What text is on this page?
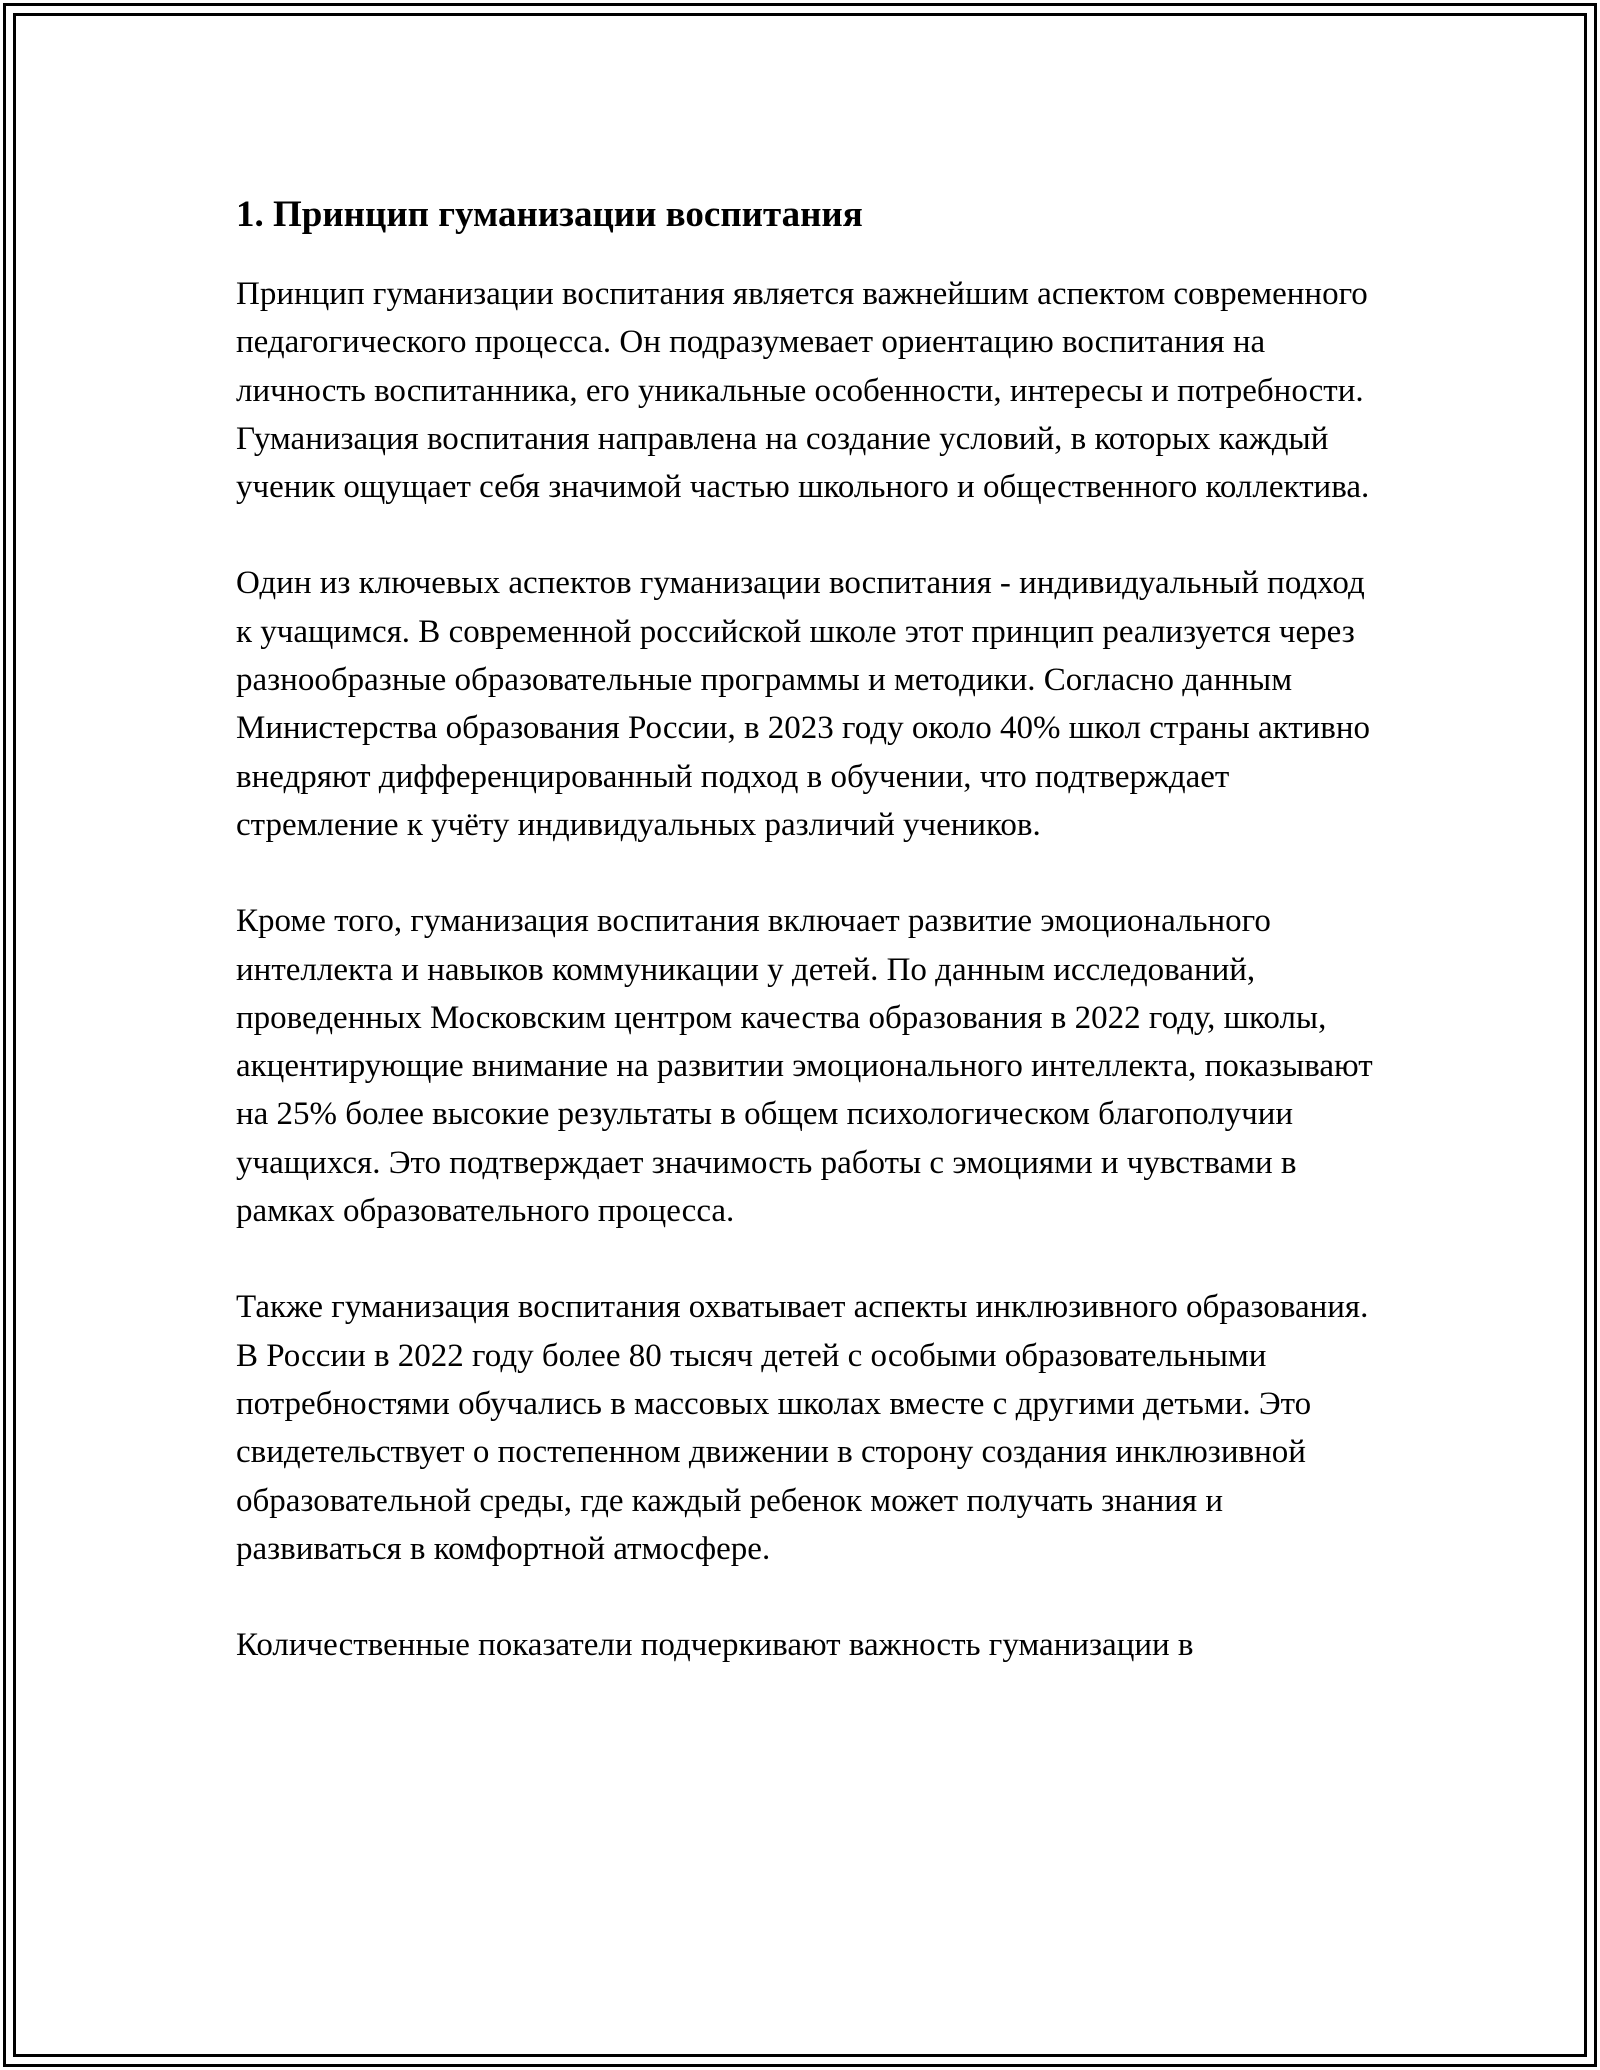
1. Принцип гуманизации воспитания

Принцип гуманизации воспитания является важнейшим аспектом современного педагогического процесса. Он подразумевает ориентацию воспитания на личность воспитанника, его уникальные особенности, интересы и потребности. Гуманизация воспитания направлена на создание условий, в которых каждый ученик ощущает себя значимой частью школьного и общественного коллектива.

Один из ключевых аспектов гуманизации воспитания - индивидуальный подход к учащимся. В современной российской школе этот принцип реализуется через разнообразные образовательные программы и методики. Согласно данным Министерства образования России, в 2023 году около 40% школ страны активно внедряют дифференцированный подход в обучении, что подтверждает стремление к учёту индивидуальных различий учеников.

Кроме того, гуманизация воспитания включает развитие эмоционального интеллекта и навыков коммуникации у детей. По данным исследований, проведенных Московским центром качества образования в 2022 году, школы, акцентирующие внимание на развитии эмоционального интеллекта, показывают на 25% более высокие результаты в общем психологическом благополучии учащихся. Это подтверждает значимость работы с эмоциями и чувствами в рамках образовательного процесса.

Также гуманизация воспитания охватывает аспекты инклюзивного образования. В России в 2022 году более 80 тысяч детей с особыми образовательными потребностями обучались в массовых школах вместе с другими детьми. Это свидетельствует о постепенном движении в сторону создания инклюзивной образовательной среды, где каждый ребенок может получать знания и развиваться в комфортной атмосфере.

Количественные показатели подчеркивают важность гуманизации в
